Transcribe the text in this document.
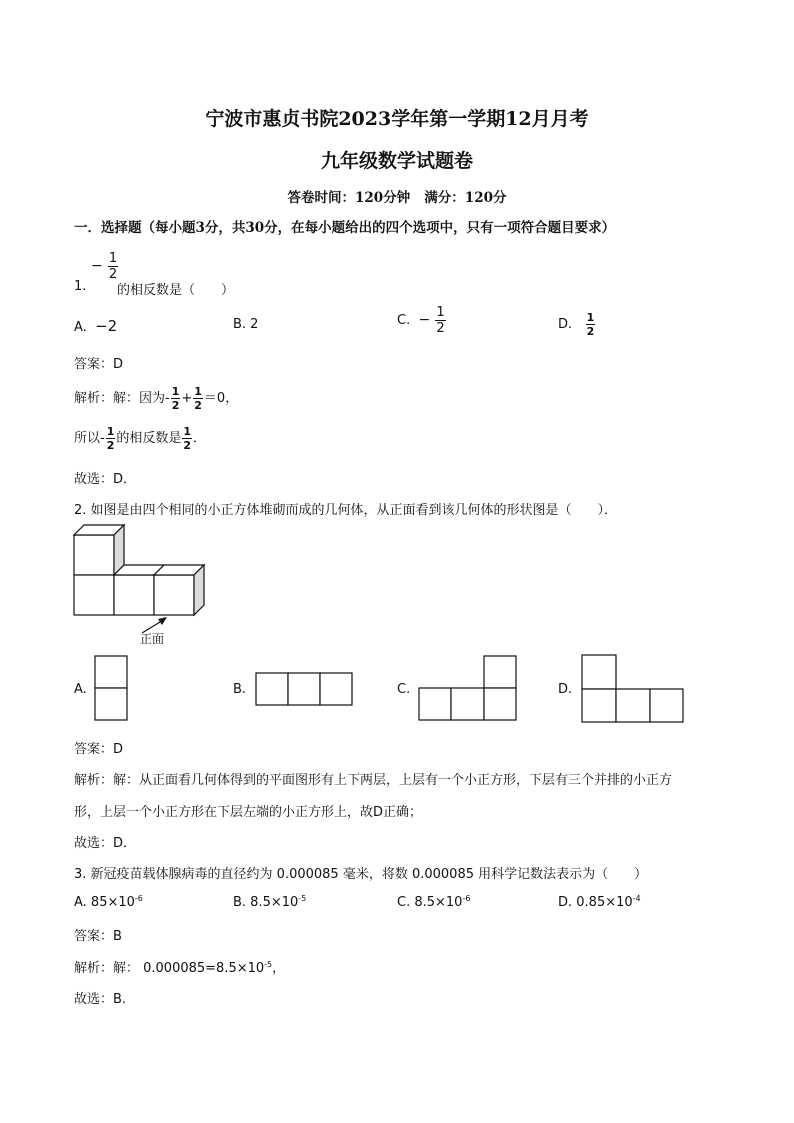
宁波市惠贞书院2023学年第一学期12月月考
九年级数学试题卷
答卷时间：120分钟 满分：120分
一．选择题（每小题3分，共30分，在每小题给出的四个选项中，只有一项符合题目要求）
1.
− $\frac{1}{2}$
的相反数是（　　）
A. −2	B. 2	C. − $\frac{1}{2}$	D. $\frac{1}{2}$
答案：D
解析：解：因为- $\frac{1}{2} + \frac{1}{2} =0$，
所以- $\frac{1}{2}$ 的相反数是 $\frac{1}{2}$ ．
故选：D．
2. 如图是由四个相同的小正方体堆砌而成的几何体，从正面看到该几何体的形状图是（　　）．
正面
A.	B.	C.	D.
答案：D
解析：解：从正面看几何体得到的平面图形有上下两层，上层有一个小正方形，下层有三个并排的小正方
形，上层一个小正方形在下层左端的小正方形上，故D正确；
故选：D．
3. 新冠疫苗载体腺病毒的直径约为 0.000085 毫米，将数 0.000085 用科学记数法表示为（　　）
A. $85\times 10^{-6}$	B. $8.5\times 10^{-5}$	C. $8.5\times 10^{-6}$	D. $0.85\times 10^{-4}$
答案：B
解析：解： $0.000085=8.5\times 10^{-5}$，
故选：B.
